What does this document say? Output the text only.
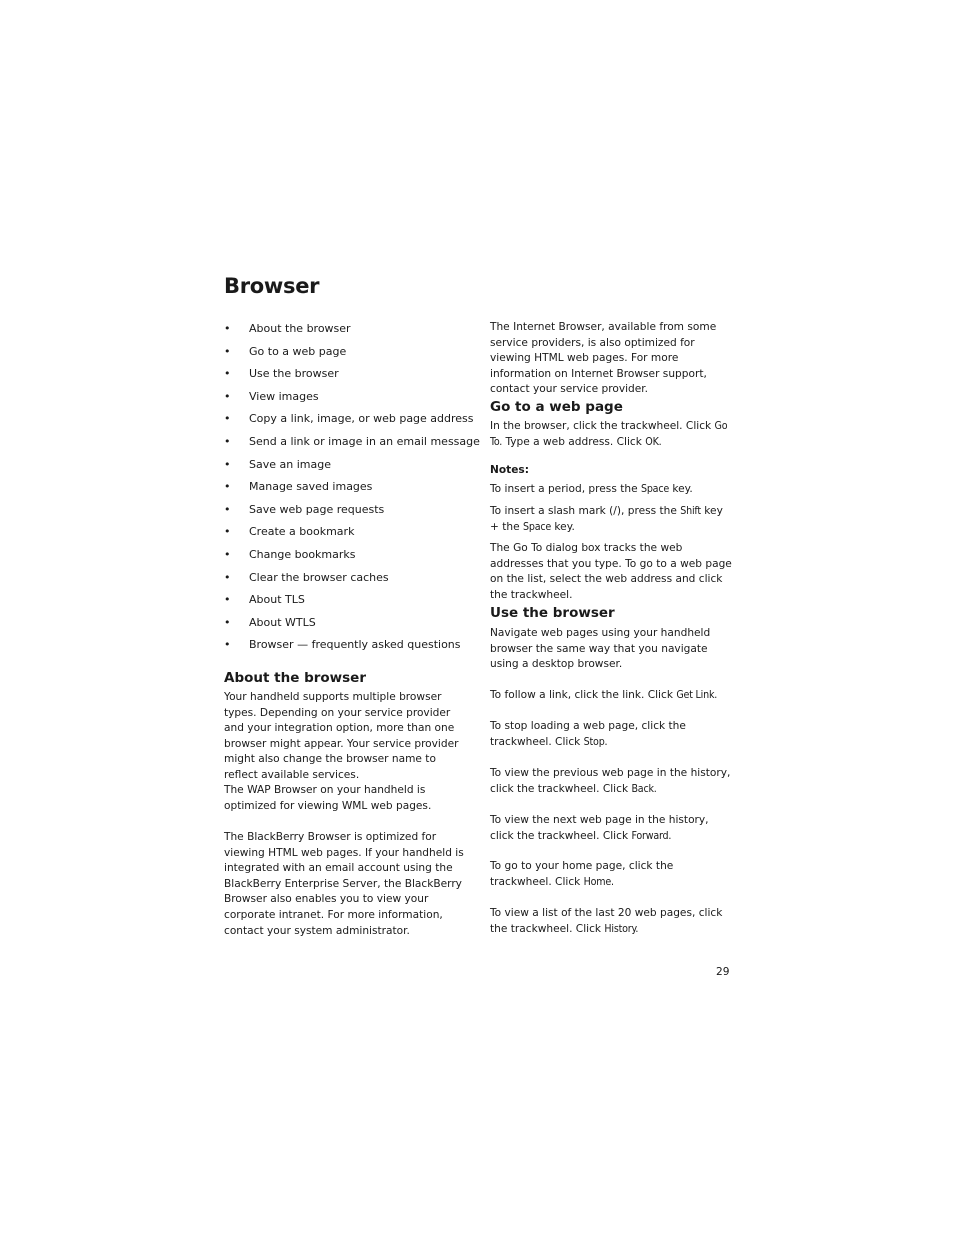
Browser
• About the browser
• Go to a web page
• Use the browser
• View images
• Copy a link, image, or web page address
• Send a link or image in an email message
• Save an image
• Manage saved images
• Save web page requests
• Create a bookmark
• Change bookmarks
• Clear the browser caches
• About TLS
• About WTLS
• Browser — frequently asked questions
About the browser

Your handheld supports multiple browser types. Depending on your service provider and your integration option, more than one browser might appear. Your service provider might also change the browser name to reflect available services.

The WAP Browser on your handheld is optimized for viewing WML web pages.

The BlackBerry Browser is optimized for viewing HTML web pages. If your handheld is integrated with an email account using the BlackBerry Enterprise Server, the BlackBerry Browser also enables you to view your corporate intranet. For more information, contact your system administrator.

The Internet Browser, available from some service providers, is also optimized for viewing HTML web pages. For more information on Internet Browser support, contact your service provider.

Go to a web page

In the browser, click the trackwheel. Click Go To. Type a web address. Click OK.

Notes:

To insert a period, press the Space key.

To insert a slash mark (/), press the Shift key + the Space key.

The Go To dialog box tracks the web addresses that you type. To go to a web page on the list, select the web address and click the trackwheel.

Use the browser

Navigate web pages using your handheld browser the same way that you navigate using a desktop browser.

To follow a link, click the link. Click Get Link.

To stop loading a web page, click the trackwheel. Click Stop.

To view the previous web page in the history, click the trackwheel. Click Back.

To view the next web page in the history, click the trackwheel. Click Forward.

To go to your home page, click the trackwheel. Click Home.

To view a list of the last 20 web pages, click the trackwheel. Click History.

29
